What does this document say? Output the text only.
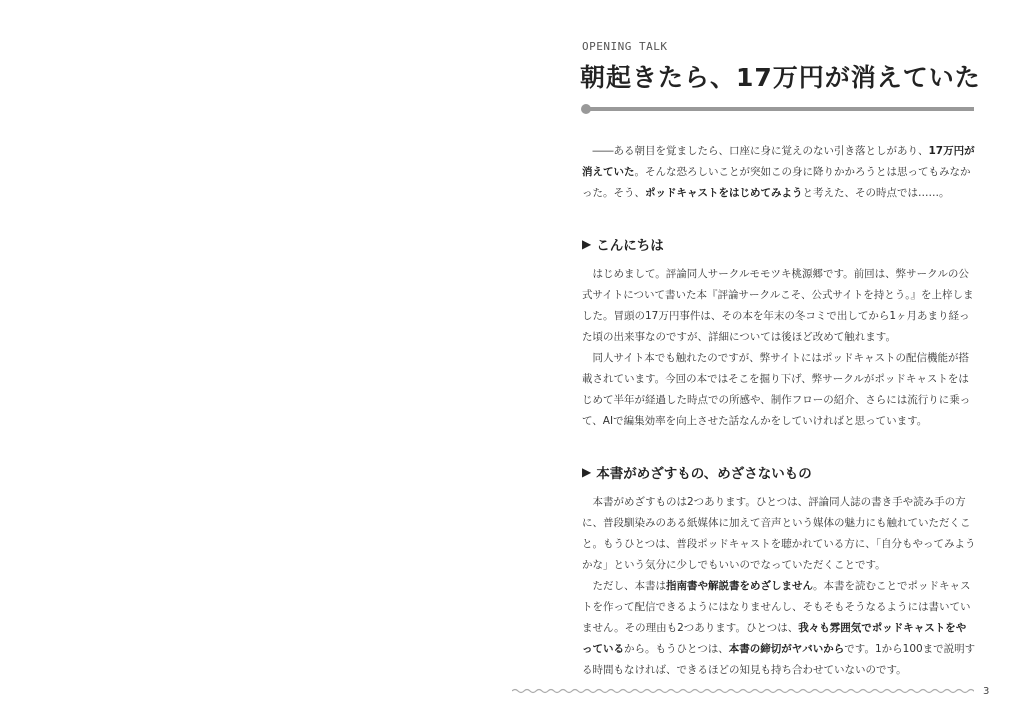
OPENING TALK
朝起きたら、17万円が消えていた

――ある朝目を覚ましたら、口座に身に覚えのない引き落としがあり、17万円が消えていた。そんな恐ろしいことが突如この身に降りかかろうとは思ってもみなかった。そう、ポッドキャストをはじめてみようと考えた、その時点では……。

▶ こんにちは

はじめまして。評論同人サークルモモツキ桃源郷です。前回は、弊サークルの公式サイトについて書いた本『評論サークルこそ、公式サイトを持とう。』を上梓しました。冒頭の17万円事件は、その本を年末の冬コミで出してから1ヶ月あまり経った頃の出来事なのですが、詳細については後ほど改めて触れます。

同人サイト本でも触れたのですが、弊サイトにはポッドキャストの配信機能が搭載されています。今回の本ではそこを掘り下げ、弊サークルがポッドキャストをはじめて半年が経過した時点での所感や、制作フローの紹介、さらには流行りに乗って、AIで編集効率を向上させた話なんかをしていければと思っています。

▶ 本書がめざすもの、めざさないもの

本書がめざすものは2つあります。ひとつは、評論同人誌の書き手や読み手の方に、普段馴染みのある紙媒体に加えて音声という媒体の魅力にも触れていただくこと。もうひとつは、普段ポッドキャストを聴かれている方に、「自分もやってみようかな」という気分に少しでもいいのでなっていただくことです。

ただし、本書は指南書や解説書をめざしません。本書を読むことでポッドキャストを作って配信できるようにはなりませんし、そもそもそうなるようには書いていません。その理由も2つあります。ひとつは、我々も雰囲気でポッドキャストをやっているから。もうひとつは、本書の締切がヤバいからです。1から100まで説明する時間もなければ、できるほどの知見も持ち合わせていないのです。

3
